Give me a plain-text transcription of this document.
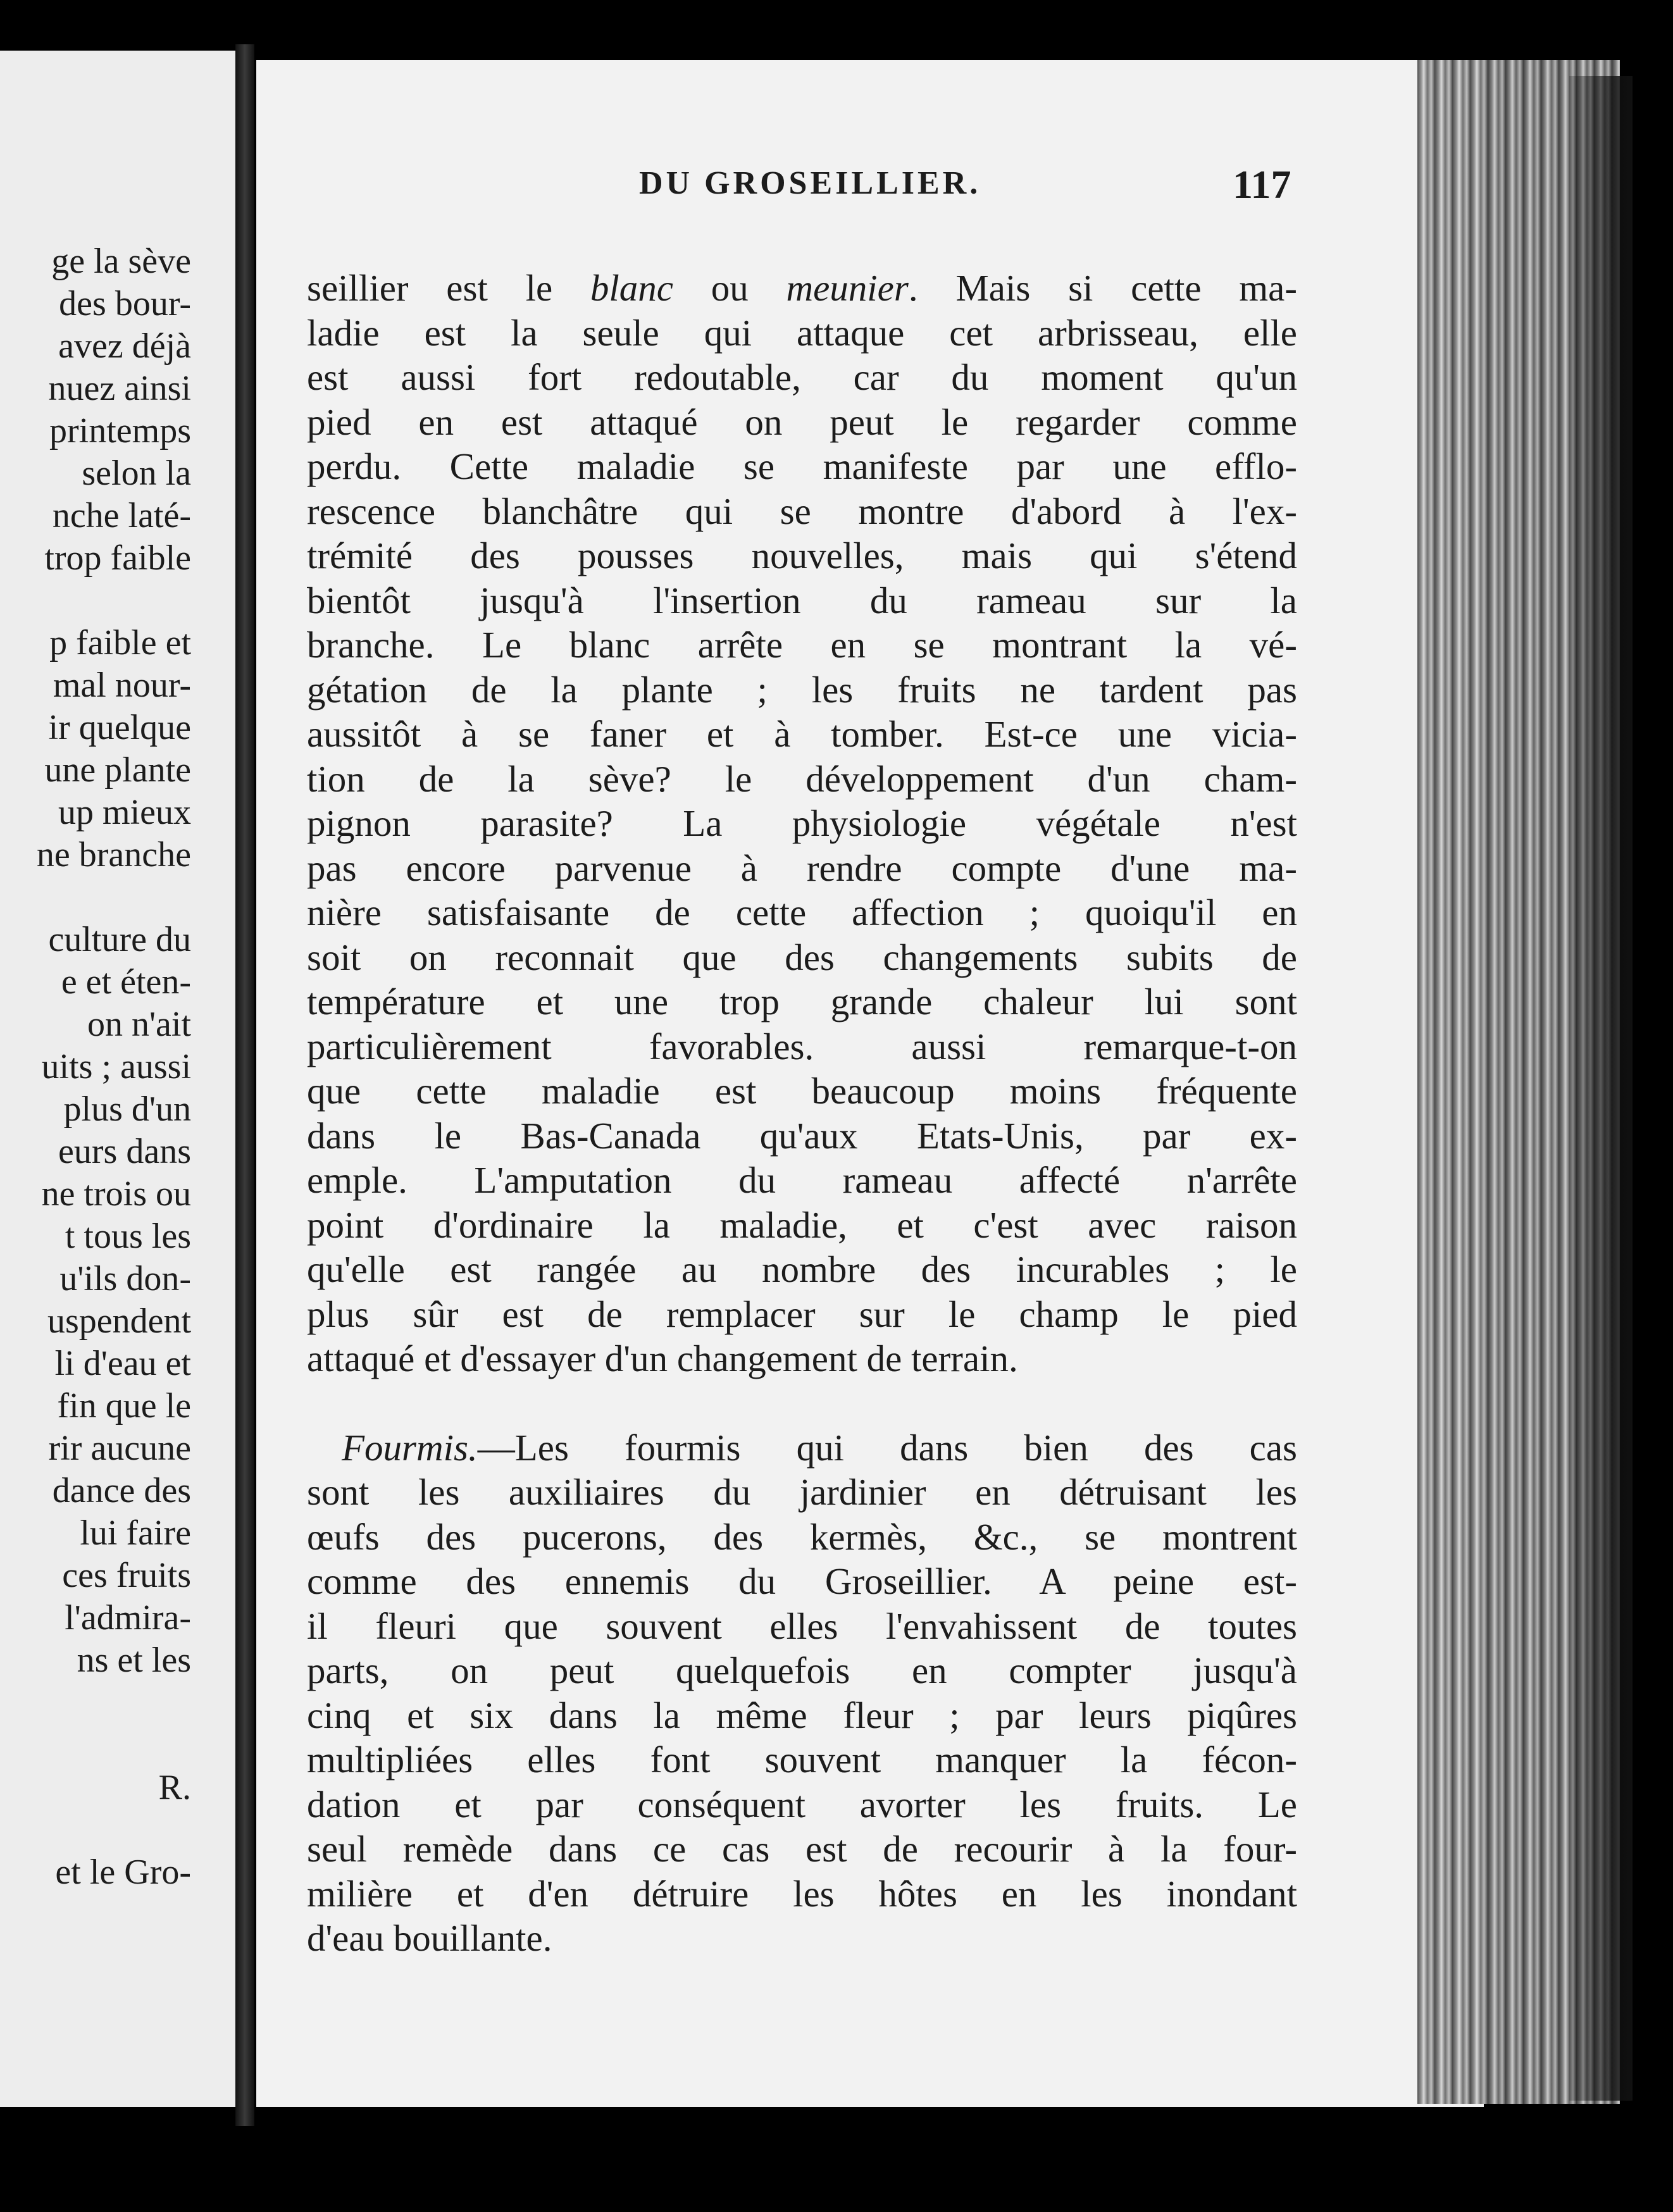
ge la sève
des bour-
avez déjà
nuez ainsi
printemps
selon la
nche laté-
trop faible
p faible et
mal nour-
ir quelque
une plante
up mieux
ne branche
culture du
e et éten-
on n'ait
uits ; aussi
plus d'un
eurs dans
ne trois ou
t tous les
u'ils don-
uspendent
li d'eau et
fin que le
rir aucune
dance des
lui faire
ces fruits
l'admira-
ns et les
R.
et le Gro-
DU GROSEILLIER.	117
seillier est le blanc ou meunier. Mais si cette ma-
ladie est la seule qui attaque cet arbrisseau, elle
est aussi fort redoutable, car du moment qu'un
pied en est attaqué on peut le regarder comme
perdu. Cette maladie se manifeste par une efflo-
rescence blanchâtre qui se montre d'abord à l'ex-
trémité des pousses nouvelles, mais qui s'étend
bientôt jusqu'à l'insertion du rameau sur la
branche. Le blanc arrête en se montrant la vé-
gétation de la plante ; les fruits ne tardent pas
aussitôt à se faner et à tomber. Est-ce une vicia-
tion de la sève? le développement d'un cham-
pignon parasite? La physiologie végétale n'est
pas encore parvenue à rendre compte d'une ma-
nière satisfaisante de cette affection ; quoiqu'il en
soit on reconnait que des changements subits de
température et une trop grande chaleur lui sont
particulièrement favorables. aussi remarque-t-on
que cette maladie est beaucoup moins fréquente
dans le Bas-Canada qu'aux Etats-Unis, par ex-
emple. L'amputation du rameau affecté n'arrête
point d'ordinaire la maladie, et c'est avec raison
qu'elle est rangée au nombre des incurables ; le
plus sûr est de remplacer sur le champ le pied
attaqué et d'essayer d'un changement de terrain.
Fourmis.—Les fourmis qui dans bien des cas
sont les auxiliaires du jardinier en détruisant les
œufs des pucerons, des kermès, &c., se montrent
comme des ennemis du Groseillier. A peine est-
il fleuri que souvent elles l'envahissent de toutes
parts, on peut quelquefois en compter jusqu'à
cinq et six dans la même fleur ; par leurs piqûres
multipliées elles font souvent manquer la fécon-
dation et par conséquent avorter les fruits. Le
seul remède dans ce cas est de recourir à la four-
milière et d'en détruire les hôtes en les inondant
d'eau bouillante.
